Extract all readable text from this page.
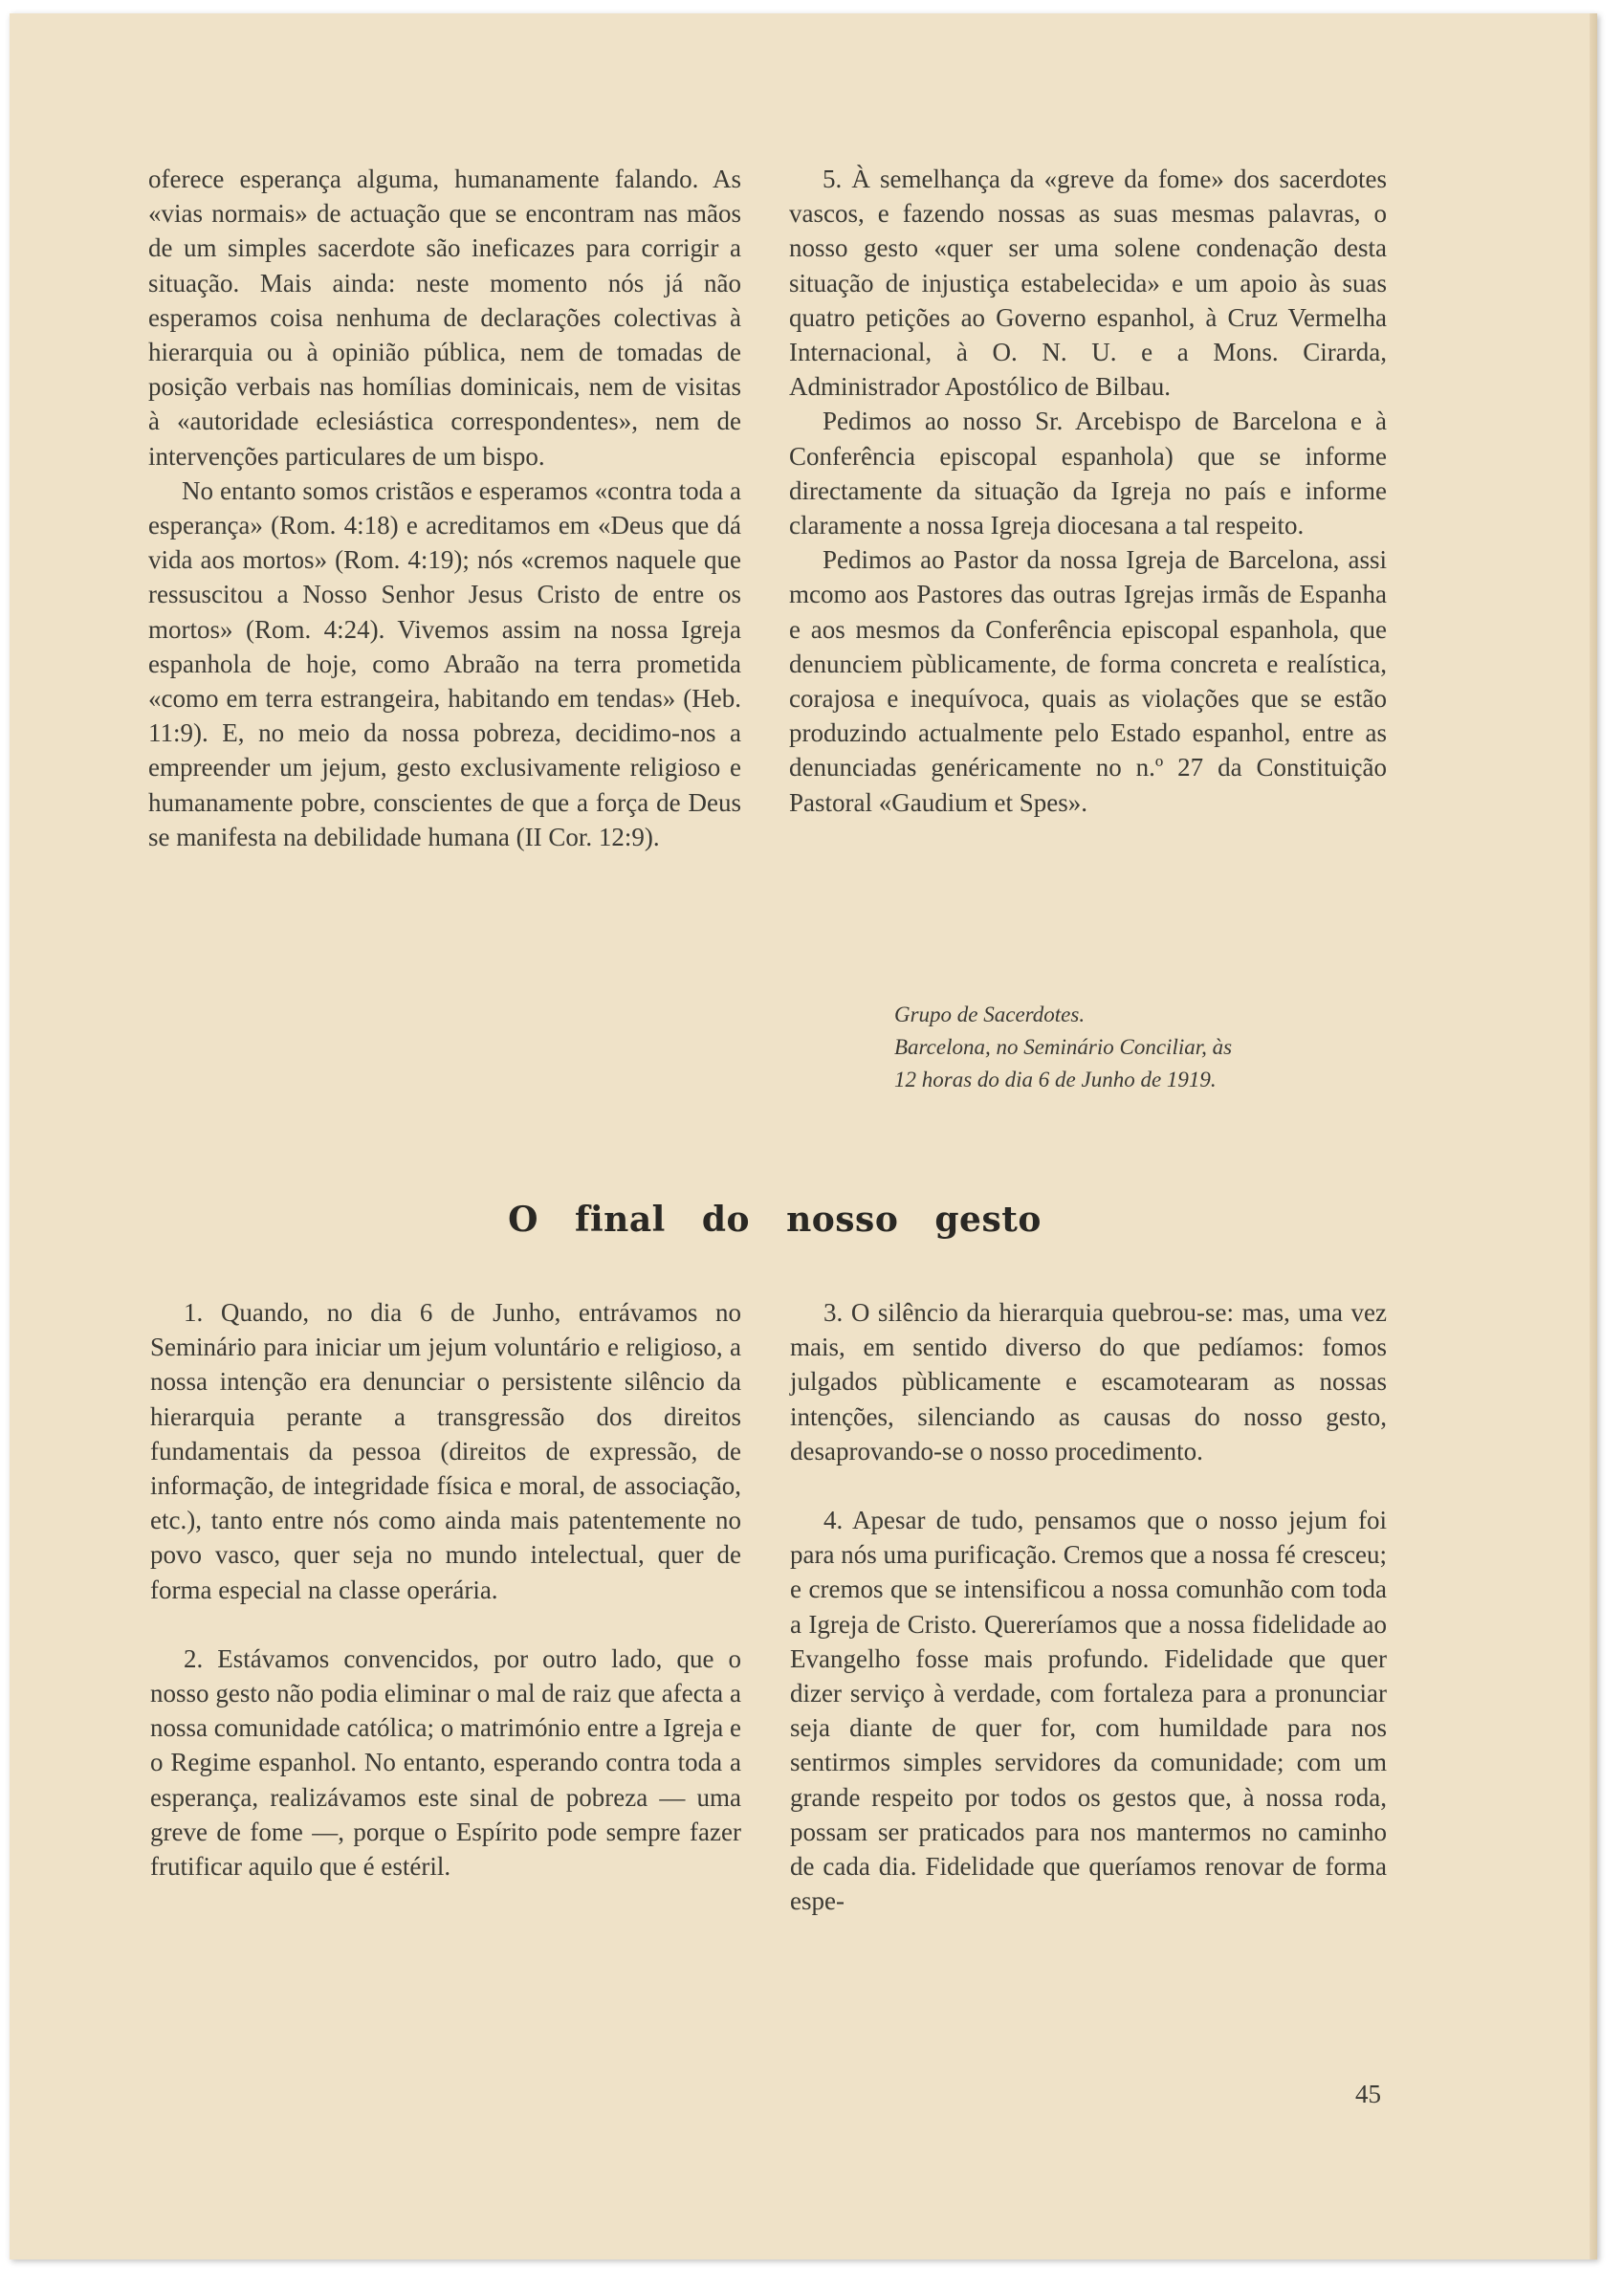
oferece esperança alguma, humanamente falando. As «vias normais» de actuação que se encontram nas mãos de um simples sacerdote são ineficazes para corrigir a situação. Mais ainda: neste momento nós já não esperamos coisa nenhuma de declarações colectivas à hierarquia ou à opinião pública, nem de tomadas de posição verbais nas homílias dominicais, nem de visitas à «autoridade eclesiástica correspondentes», nem de intervenções particulares de um bispo.

No entanto somos cristãos e esperamos «contra toda a esperança» (Rom. 4:18) e acreditamos em «Deus que dá vida aos mortos» (Rom. 4:19); nós «cremos naquele que ressuscitou a Nosso Senhor Jesus Cristo de entre os mortos» (Rom. 4:24). Vivemos assim na nossa Igreja espanhola de hoje, como Abraão na terra prometida «como em terra estrangeira, habitando em tendas» (Heb. 11:9). E, no meio da nossa pobreza, decidimo-nos a empreender um jejum, gesto exclusivamente religioso e humanamente pobre, conscientes de que a força de Deus se manifesta na debilidade humana (II Cor. 12:9).

5. À semelhança da «greve da fome» dos sacerdotes vascos, e fazendo nossas as suas mesmas palavras, o nosso gesto «quer ser uma solene condenação desta situação de injustiça estabelecida» e um apoio às suas quatro petições ao Governo espanhol, à Cruz Vermelha Internacional, à O. N. U. e a Mons. Cirarda, Administrador Apostólico de Bilbau.

Pedimos ao nosso Sr. Arcebispo de Barcelona e à Conferência episcopal espanhola) que se informe directamente da situação da Igreja no país e informe claramente a nossa Igreja diocesana a tal respeito.

Pedimos ao Pastor da nossa Igreja de Barcelona, assi mcomo aos Pastores das outras Igrejas irmãs de Espanha e aos mesmos da Conferência episcopal espanhola, que denunciem pùblicamente, de forma concreta e realística, corajosa e inequívoca, quais as violações que se estão produzindo actualmente pelo Estado espanhol, entre as denunciadas genéricamente no n.º 27 da Constituição Pastoral «Gaudium et Spes».

Grupo de Sacerdotes.
Barcelona, no Seminário Conciliar, às
12 horas do dia 6 de Junho de 1919.
O final do nosso gesto

1. Quando, no dia 6 de Junho, entrávamos no Seminário para iniciar um jejum voluntário e religioso, a nossa intenção era denunciar o persistente silêncio da hierarquia perante a transgressão dos direitos fundamentais da pessoa (direitos de expressão, de informação, de integridade física e moral, de associação, etc.), tanto entre nós como ainda mais patentemente no povo vasco, quer seja no mundo intelectual, quer de forma especial na classe operária.

2. Estávamos convencidos, por outro lado, que o nosso gesto não podia eliminar o mal de raiz que afecta a nossa comunidade católica; o matrimónio entre a Igreja e o Regime espanhol. No entanto, esperando contra toda a esperança, realizávamos este sinal de pobreza — uma greve de fome —, porque o Espírito pode sempre fazer frutificar aquilo que é estéril.

3. O silêncio da hierarquia quebrou-se: mas, uma vez mais, em sentido diverso do que pedíamos: fomos julgados pùblicamente e escamotearam as nossas intenções, silenciando as causas do nosso gesto, desaprovando-se o nosso procedimento.

4. Apesar de tudo, pensamos que o nosso jejum foi para nós uma purificação. Cremos que a nossa fé cresceu; e cremos que se intensificou a nossa comunhão com toda a Igreja de Cristo. Quereríamos que a nossa fidelidade ao Evangelho fosse mais profundo. Fidelidade que quer dizer serviço à verdade, com fortaleza para a pronunciar seja diante de quer for, com humildade para nos sentirmos simples servidores da comunidade; com um grande respeito por todos os gestos que, à nossa roda, possam ser praticados para nos mantermos no caminho de cada dia. Fidelidade que queríamos renovar de forma espe-

45
